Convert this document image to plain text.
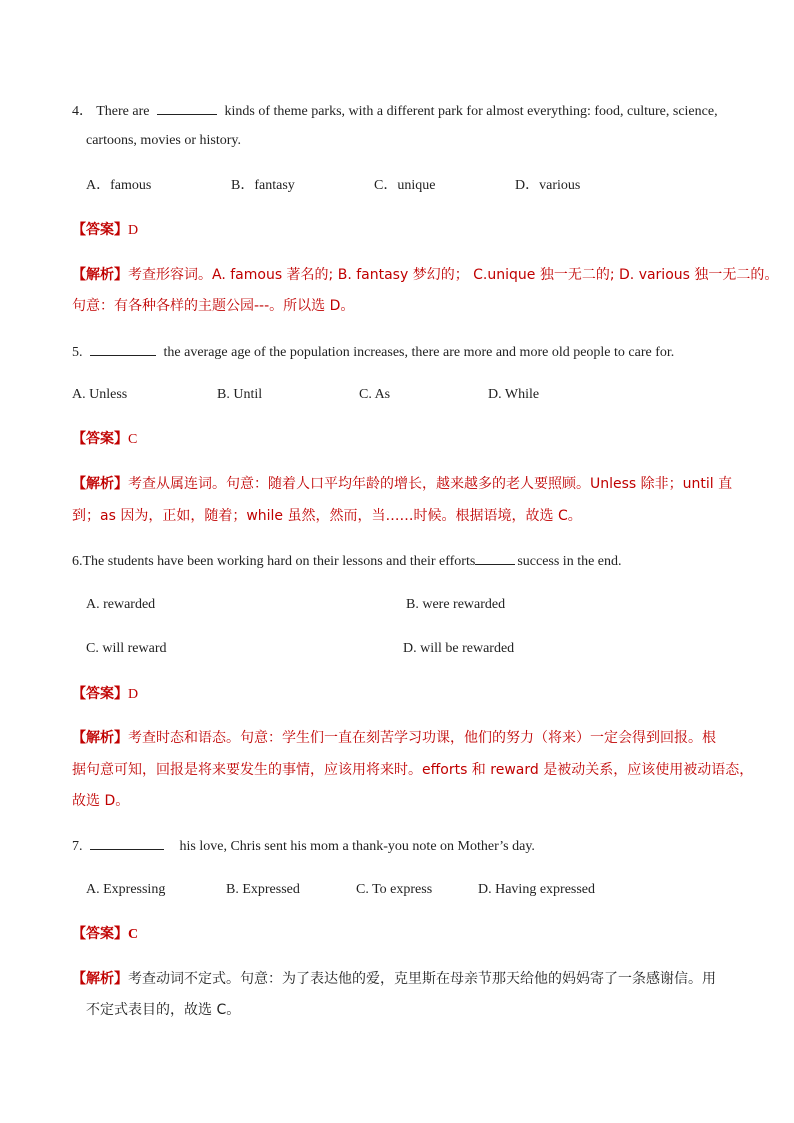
4． There are	kinds of theme parks, with a different park for almost everything: food, culture, science,
cartoons, movies or history.
A．famous	B．fantasy	C．unique	D．various
【答案】D
【解析】考查形容词。A. famous 著名的; B. fantasy 梦幻的； C.unique 独一无二的; D. various 独一无二的。
句意：有各种各样的主题公园---。所以选 D。
5.	the average age of the population increases, there are more and more old people to care for.
A. Unless	B. Until	C. As	D. While
【答案】C
【解析】考查从属连词。句意：随着人口平均年龄的增长，越来越多的老人要照顾。Unless 除非；until 直
到；as 因为，正如，随着；while 虽然，然而，当……时候。根据语境，故选 C。
6.The students have been working hard on their lessons and their efforts	success in the end.
A. rewarded	B. were rewarded
C. will reward	D. will be rewarded
【答案】D
【解析】考查时态和语态。句意：学生们一直在刻苦学习功课，他们的努力（将来）一定会得到回报。根
据句意可知，回报是将来要发生的事情，应该用将来时。efforts 和 reward 是被动关系，应该使用被动语态，
故选 D。
7.	his love, Chris sent his mom a thank-you note on Mother’s day.
A. Expressing	B. Expressed	C. To express	D. Having expressed
【答案】C
【解析】考查动词不定式。句意：为了表达他的爱，克里斯在母亲节那天给他的妈妈寄了一条感谢信。用
不定式表目的，故选 C。
